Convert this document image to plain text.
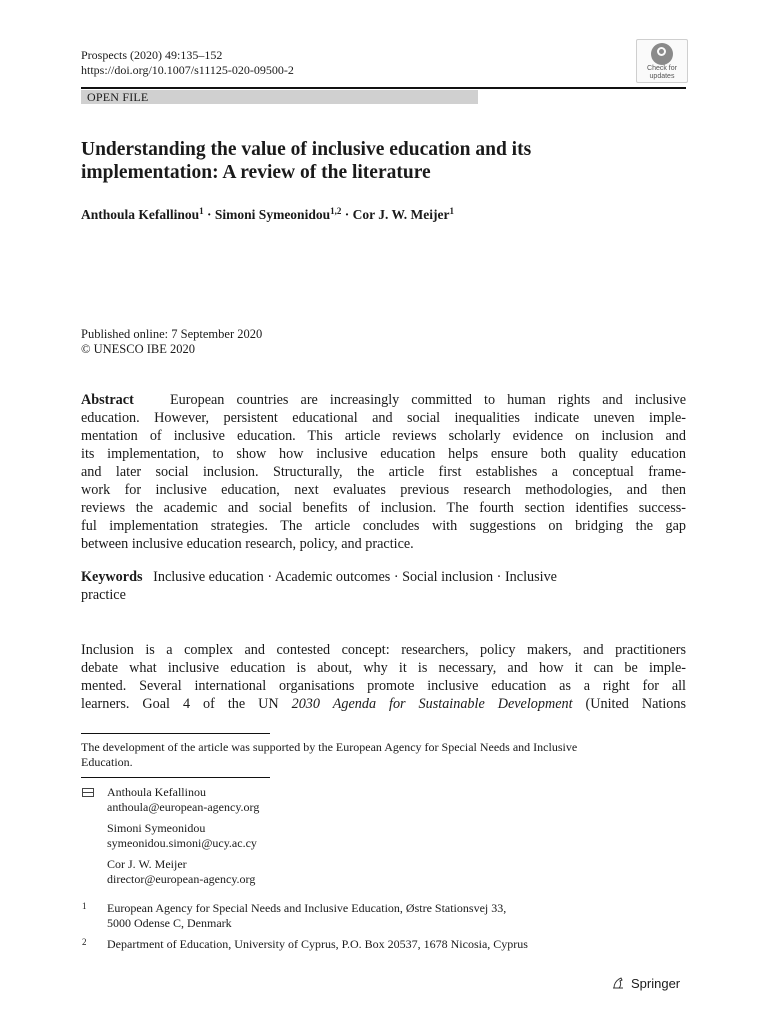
Prospects (2020) 49:135–152
https://doi.org/10.1007/s11125-020-09500-2	Check for
updates
OPEN FILE
Understanding the value of inclusive education and its
implementation: A review of the literature
Anthoula Kefallinou$^1$ · Simoni Symeonidou$^{1,2}$ · Cor J. W. Meijer$^1$
Published online: 7 September 2020
© UNESCO IBE 2020
Abstract	European countries are increasingly committed to human rights and inclusive
education. However, persistent educational and social inequalities indicate uneven imple-
mentation of inclusive education. This article reviews scholarly evidence on inclusion and
its implementation, to show how inclusive education helps ensure both quality education
and later social inclusion. Structurally, the article first establishes a conceptual frame-
work for inclusive education, next evaluates previous research methodologies, and then
reviews the academic and social benefits of inclusion. The fourth section identifies success-
ful implementation strategies. The article concludes with suggestions on bridging the gap
between inclusive education research, policy, and practice.
Keywords Inclusive education · Academic outcomes · Social inclusion · Inclusive
practice
Inclusion is a complex and contested concept: researchers, policy makers, and practitioners
debate what inclusive education is about, why it is necessary, and how it can be imple-
mented. Several international organisations promote inclusive education as a right for all
learners. Goal 4 of the UN 2030 Agenda for Sustainable Development (United Nations
The development of the article was supported by the European Agency for Special Needs and Inclusive
Education.
Anthoula Kefallinou
anthoula@european-agency.org
Simoni Symeonidou
symeonidou.simoni@ucy.ac.cy
Cor J. W. Meijer
director@european-agency.org
1 European Agency for Special Needs and Inclusive Education, Østre Stationsvej 33,
5000 Odense C, Denmark
2 Department of Education, University of Cyprus, P.O. Box 20537, 1678 Nicosia, Cyprus
Springer
